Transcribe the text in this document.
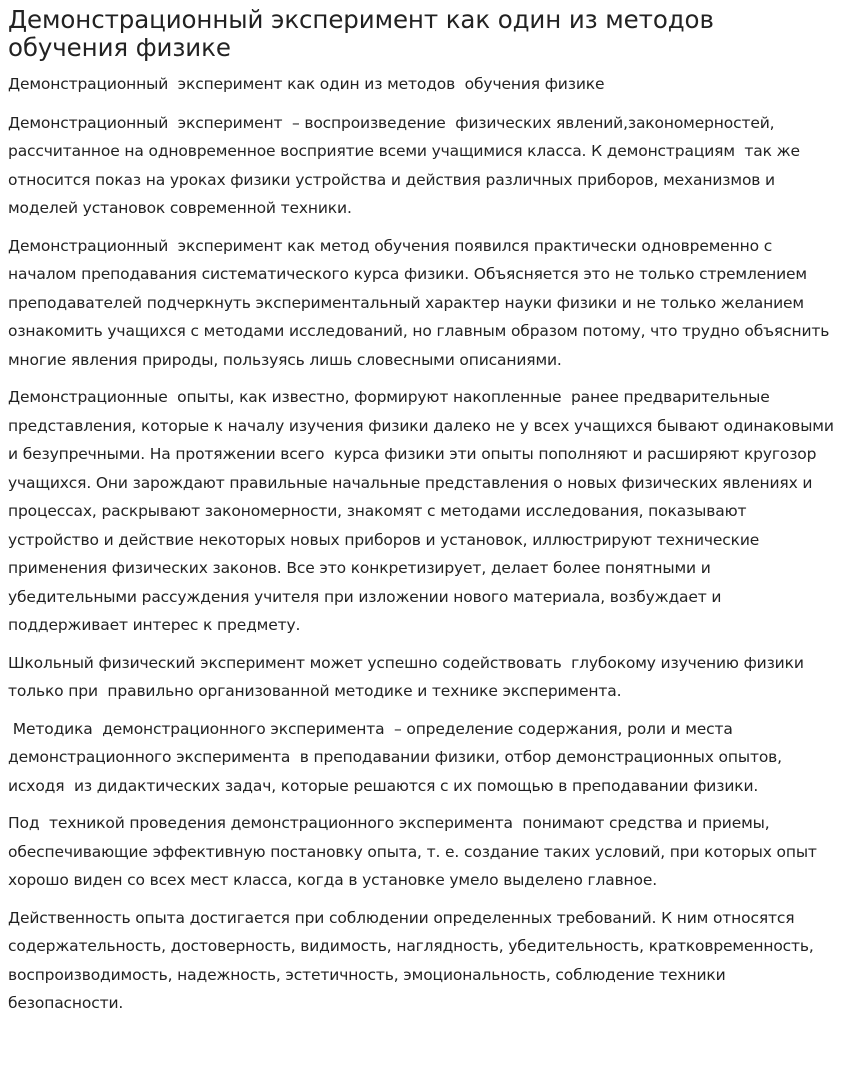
Демонстрационный эксперимент как один из методов обучения физике

Демонстрационный  эксперимент как один из методов  обучения физике

Демонстрационный  эксперимент  – воспроизведение  физических явлений,закономерностей, рассчитанное на одновременное восприятие всеми учащимися класса. К демонстрациям  так же относится показ на уроках физики устройства и действия различных приборов, механизмов и моделей установок современной техники.

Демонстрационный  эксперимент как метод обучения появился практически одновременно с началом преподавания систематического курса физики. Объясняется это не только стремлением преподавателей подчеркнуть экспериментальный характер науки физики и не только желанием ознакомить учащихся с методами исследований, но главным образом потому, что трудно объяснить многие явления природы, пользуясь лишь словесными описаниями.

Демонстрационные  опыты, как известно, формируют накопленные  ранее предварительные представления, которые к началу изучения физики далеко не у всех учащихся бывают одинаковыми  и безупречными. На протяжении всего  курса физики эти опыты пополняют и расширяют кругозор учащихся. Они зарождают правильные начальные представления о новых физических явлениях и процессах, раскрывают закономерности, знакомят с методами исследования, показывают устройство и действие некоторых новых приборов и установок, иллюстрируют технические применения физических законов. Все это конкретизирует, делает более понятными и убедительными рассуждения учителя при изложении нового материала, возбуждает и поддерживает интерес к предмету.

Школьный физический эксперимент может успешно содействовать  глубокому изучению физики только при  правильно организованной методике и технике эксперимента.

Методика  демонстрационного эксперимента  – определение содержания, роли и места демонстрационного эксперимента  в преподавании физики, отбор демонстрационных опытов, исходя  из дидактических задач, которые решаются с их помощью в преподавании физики.

Под  техникой проведения демонстрационного эксперимента  понимают средства и приемы, обеспечивающие эффективную постановку опыта, т. е. создание таких условий, при которых опыт хорошо виден со всех мест класса, когда в установке умело выделено главное.

Действенность опыта достигается при соблюдении определенных требований. К ним относятся содержательность, достоверность, видимость, наглядность, убедительность, кратковременность, воспроизводимость, надежность, эстетичность, эмоциональность, соблюдение техники безопасности.
